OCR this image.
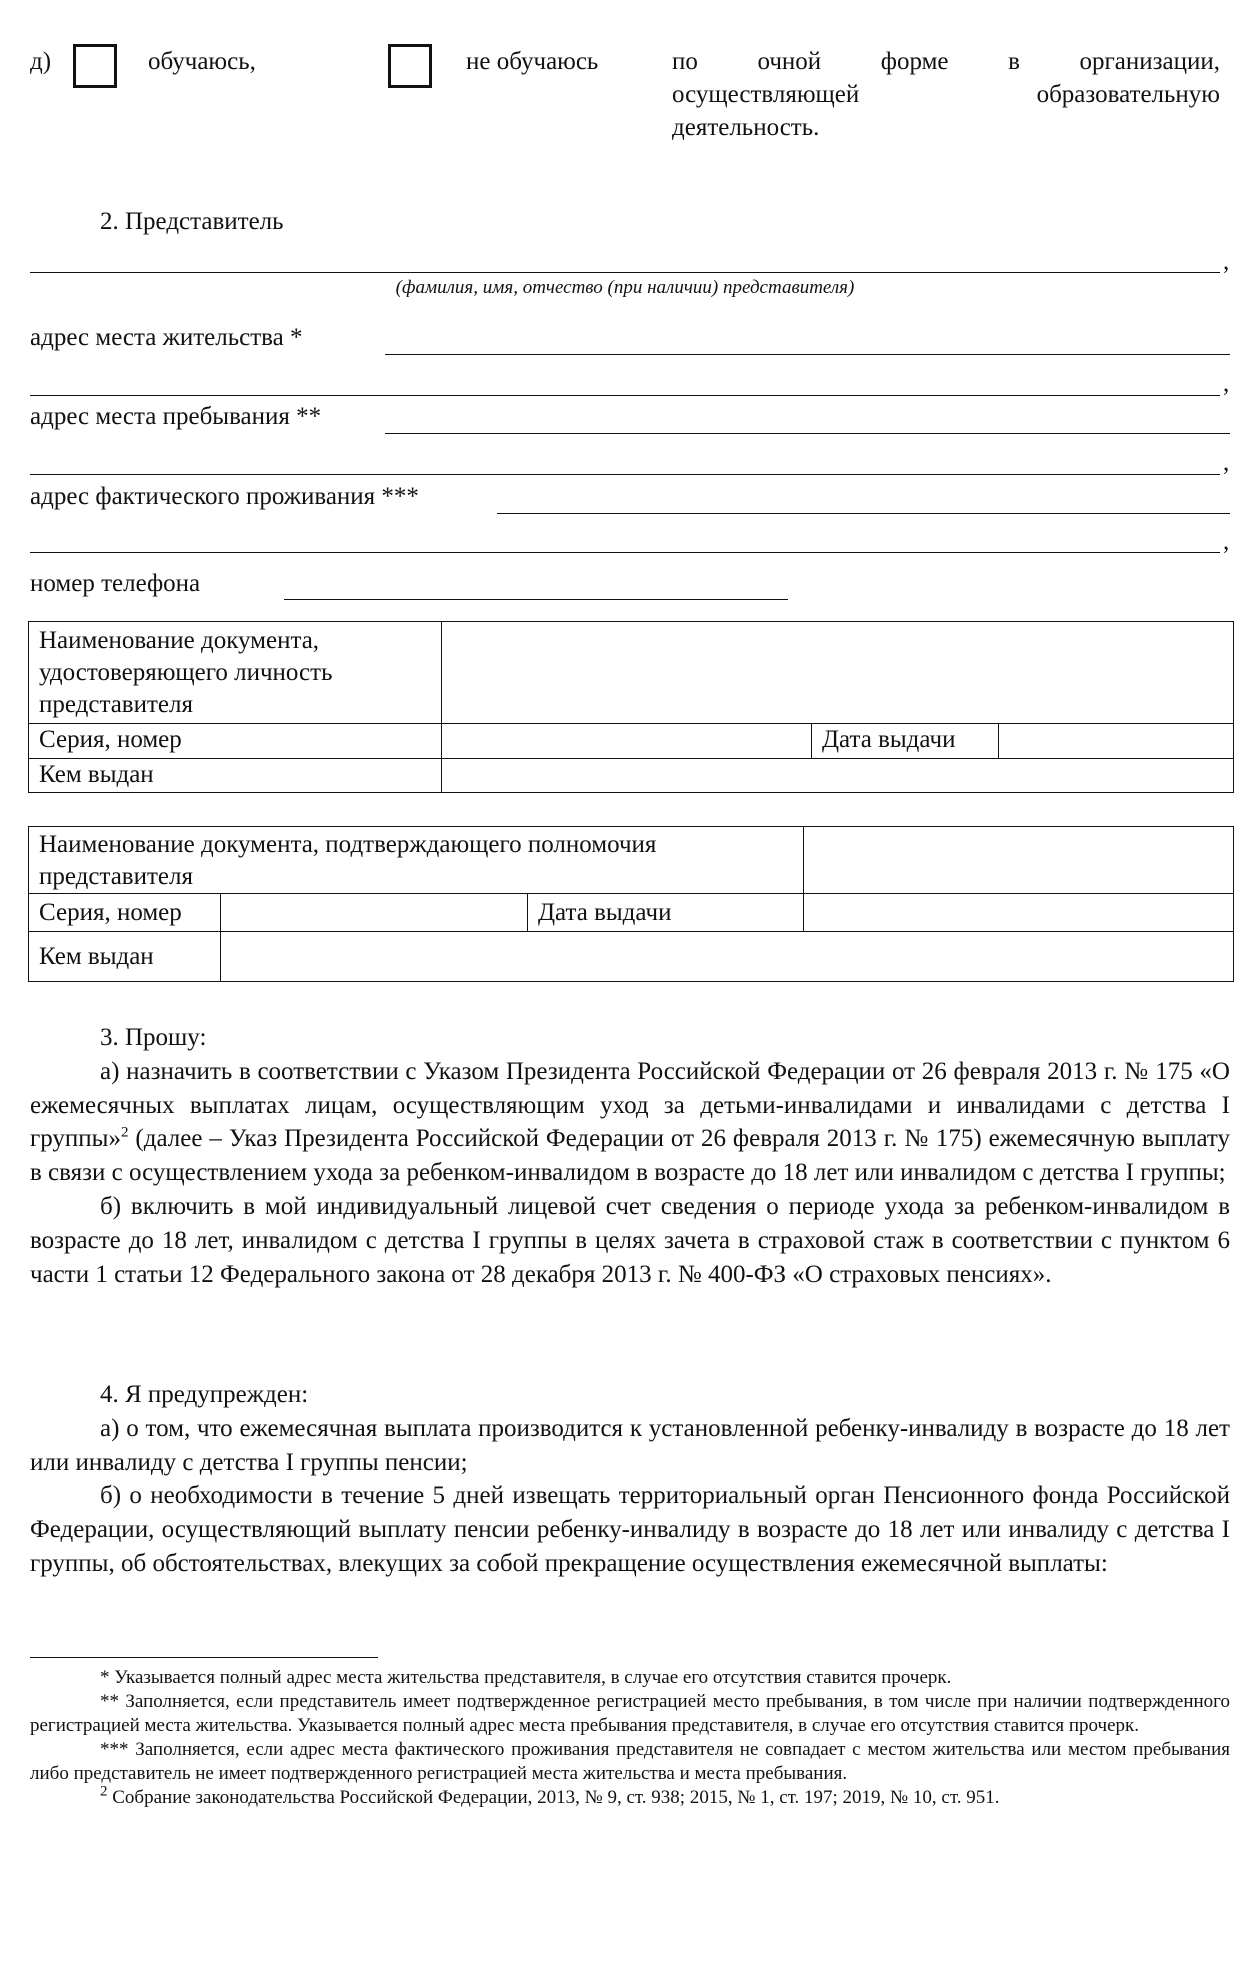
д)	обучаюсь,	не обучаюсь	по очной форме в организации,
осуществляющей	образовательную
деятельность.
2. Представитель
,
(фамилия, имя, отчество (при наличии) представителя)
адрес места жительства *
,
адрес места пребывания **
,
адрес фактического проживания ***
,
номер телефона
Наименование документа, удостоверяющего личность представителя			
Серия, номер		Дата выдачи	
Кем выдан			
Наименование документа, подтверждающего полномочия представителя			
Серия, номер		Дата выдачи	
Кем выдан			

3. Прошу:

а) назначить в соответствии с Указом Президента Российской Федерации от 26 февраля 2013 г. № 175 «О ежемесячных выплатах лицам, осуществляющим уход за детьми-инвалидами и инвалидами с детства I группы»$^2$ (далее – Указ Президента Российской Федерации от 26 февраля 2013 г. № 175) ежемесячную выплату в связи с осуществлением ухода за ребенком-инвалидом в возрасте до 18 лет или инвалидом с детства I группы;

б) включить в мой индивидуальный лицевой счет сведения о периоде ухода за ребенком-инвалидом в возрасте до 18 лет, инвалидом с детства I группы в целях зачета в страховой стаж в соответствии с пунктом 6 части 1 статьи 12 Федерального закона от 28 декабря 2013 г. № 400-ФЗ «О страховых пенсиях».

4. Я предупрежден:

а) о том, что ежемесячная выплата производится к установленной ребенку-инвалиду в возрасте до 18 лет или инвалиду с детства I группы пенсии;

б) о необходимости в течение 5 дней извещать территориальный орган Пенсионного фонда Российской Федерации, осуществляющий выплату пенсии ребенку-инвалиду в возрасте до 18 лет или инвалиду с детства I группы, об обстоятельствах, влекущих за собой прекращение осуществления ежемесячной выплаты:

* Указывается полный адрес места жительства представителя, в случае его отсутствия ставится прочерк.

** Заполняется, если представитель имеет подтвержденное регистрацией место пребывания, в том числе при наличии подтвержденного регистрацией места жительства. Указывается полный адрес места пребывания представителя, в случае его отсутствия ставится прочерк.

*** Заполняется, если адрес места фактического проживания представителя не совпадает с местом жительства или местом пребывания либо представитель не имеет подтвержденного регистрацией места жительства и места пребывания.

$^2$ Собрание законодательства Российской Федерации, 2013, № 9, ст. 938; 2015, № 1, ст. 197; 2019, № 10, ст. 951.
